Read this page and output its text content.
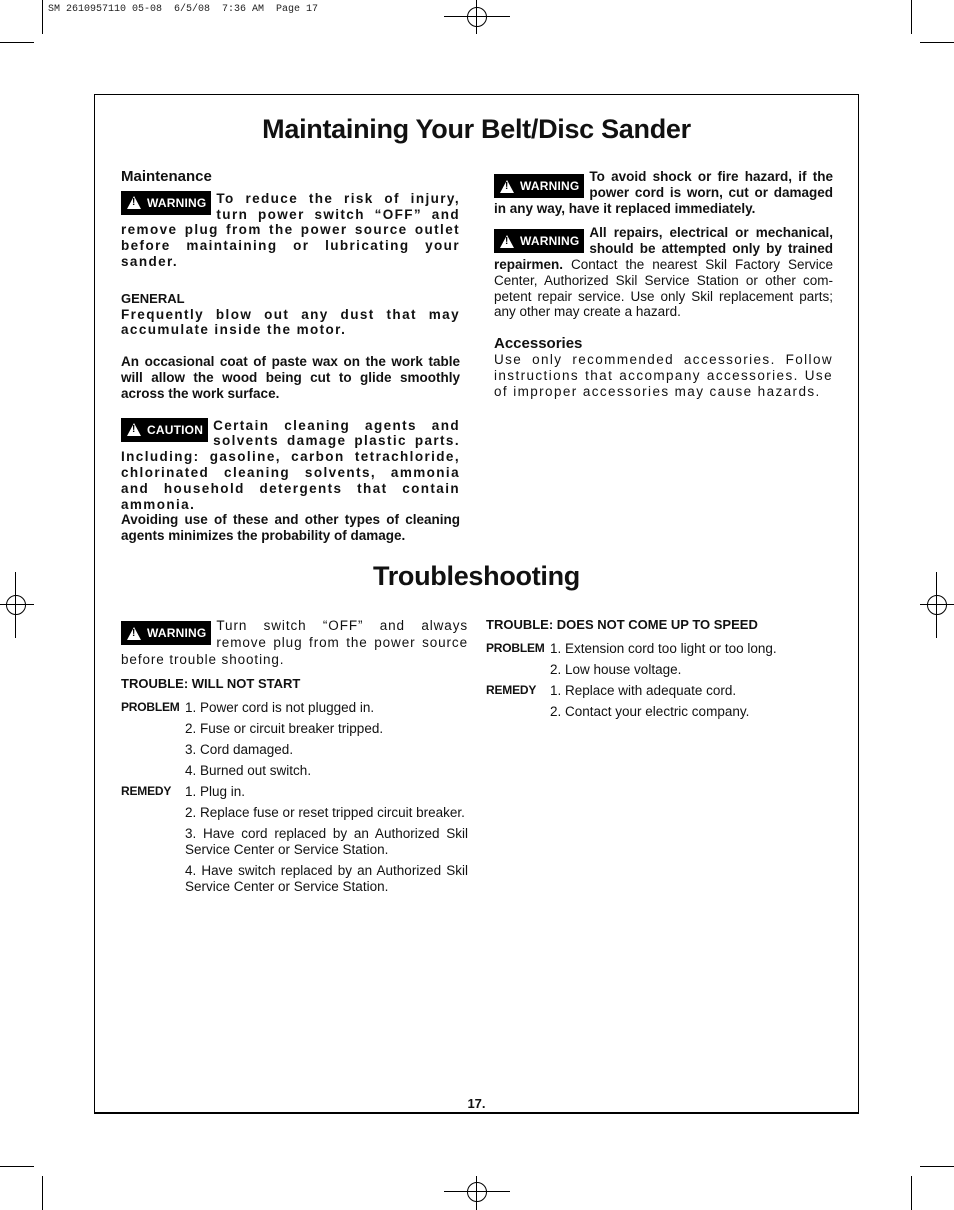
SM 2610957110 05-08  6/5/08  7:36 AM  Page 17
Maintaining Your Belt/Disc Sander

Maintenance

! WARNING To reduce the risk of injury, turn power switch “OFF” and remove plug from the power source outlet before maintaining or lubricating your sander.

GENERAL

Frequently blow out any dust that may accumulate inside the motor.

An occasional coat of paste wax on the work table will allow the wood being cut to glide smoothly across the work surface.

! CAUTION Certain cleaning agents and solvents damage plastic parts. Including: gasoline, carbon tetrachloride, chlorinated cleaning solvents, ammonia and household detergents that contain ammonia.

Avoiding use of these and other types of cleaning agents minimizes the probability of damage.

! WARNING

To avoid shock or fire hazard, if the power cord is worn, cut or damaged in any way, have it replaced immediately.

! WARNING

All repairs, electrical or mechanical, should be attempted only by trained repairmen. Contact the nearest Skil Factory Service Center, Authorized Skil Service Station or other com-petent repair service. Use only Skil replacement parts; any other may create a hazard.

Accessories

Use only recommended accessories. Follow instructions that accompany accessories. Use of improper accessories may cause hazards.

Troubleshooting
! WARNING Turn switch “OFF” and always remove plug from the power source before trouble shooting.

TROUBLE: WILL NOT START

PROBLEM 1. Power cord is not plugged in.
2. Fuse or circuit breaker tripped.
3. Cord damaged.
4. Burned out switch.
REMEDY	1. Plug in.
2. Replace fuse or reset tripped circuit breaker.
3. Have cord replaced by an Authorized Skil Service Center or Service Station.
4. Have switch replaced by an Authorized Skil Service Center or Service Station.

TROUBLE: DOES NOT COME UP TO SPEED

PROBLEM 1. Extension cord too light or too long.
2. Low house voltage.
REMEDY	1. Replace with adequate cord.
2. Contact your electric company.
17.
